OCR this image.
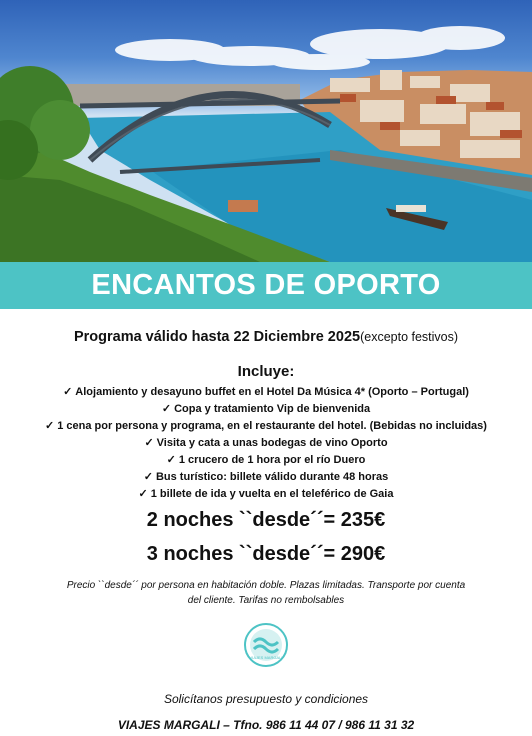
ENCANTOS DE OPORTO
Programa válido hasta 22 Diciembre 2025(excepto festivos)
Incluye:
✓ Alojamiento y desayuno buffet en el Hotel Da Música 4* (Oporto – Portugal)
✓ Copa y tratamiento Vip de bienvenida
✓ 1 cena por persona y programa, en el restaurante del hotel. (Bebidas no incluidas)
✓ Visita y cata a unas bodegas de vino Oporto
✓ 1 crucero de 1 hora por el río Duero
✓ Bus turístico: billete válido durante 48 horas
✓ 1 billete de ida y vuelta en el teleférico de Gaia

2 noches ``desde´´= 235€

3 noches ``desde´´= 290€

Precio ``desde´´ por persona en habitación doble. Plazas limitadas. Transporte por cuenta del cliente. Tarifas no rembolsables
VIAJES MARGALI
Solicítanos presupuesto y condiciones
VIAJES MARGALI – Tfno. 986 11 44 07 / 986 11 31 32
